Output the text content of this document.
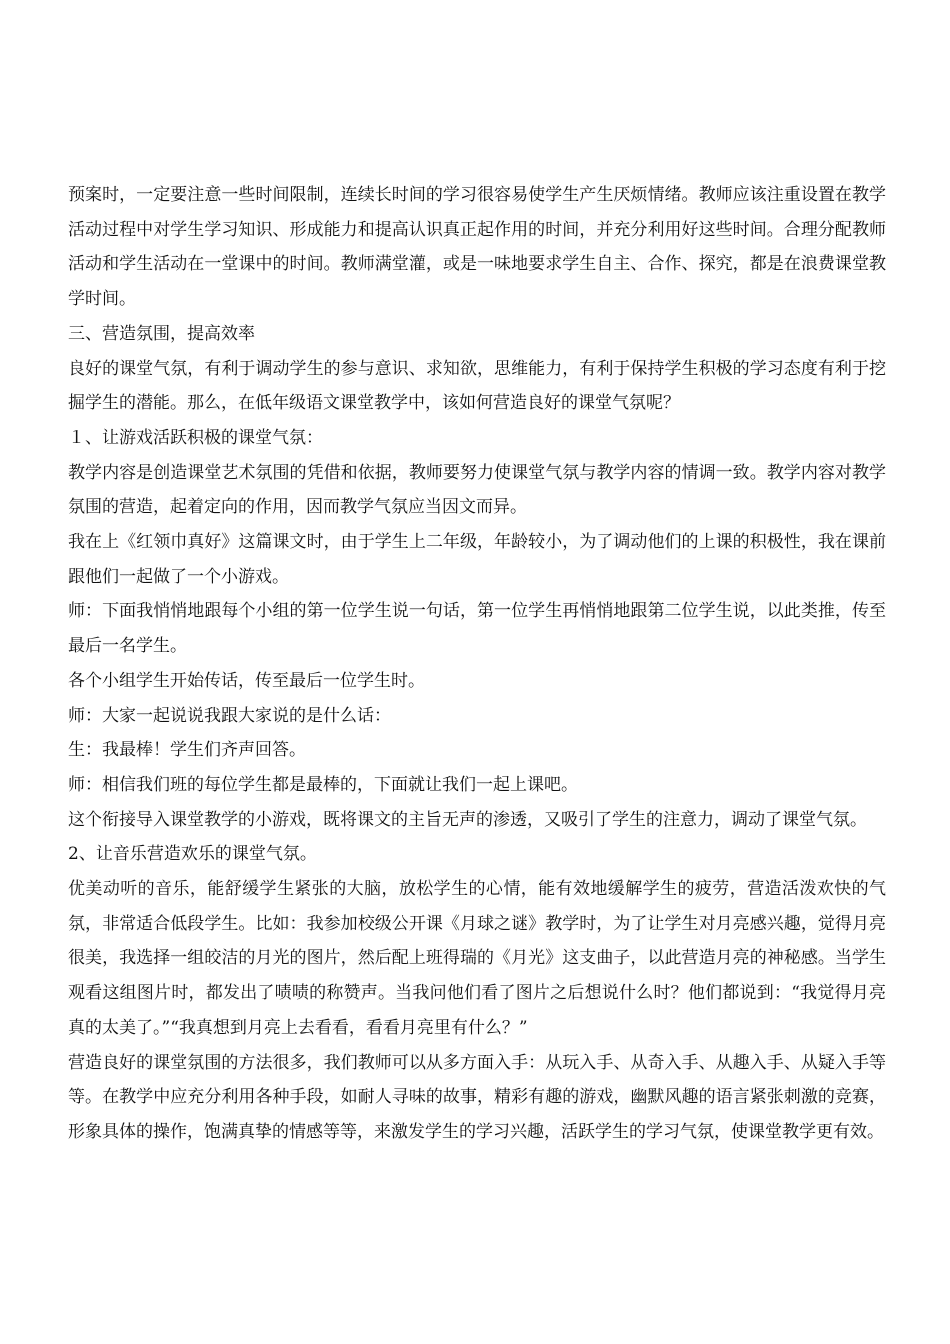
预案时，一定要注意一些时间限制，连续长时间的学习很容易使学生产生厌烦情绪。教师应该注重设置在教学活动过程中对学生学习知识、形成能力和提高认识真正起作用的时间，并充分利用好这些时间。合理分配教师活动和学生活动在一堂课中的时间。教师满堂灌，或是一味地要求学生自主、合作、探究，都是在浪费课堂教学时间。

三、营造氛围，提高效率

良好的课堂气氛，有利于调动学生的参与意识、求知欲，思维能力，有利于保持学生积极的学习态度有利于挖掘学生的潜能。那么，在低年级语文课堂教学中，该如何营造良好的课堂气氛呢？

１、让游戏活跃积极的课堂气氛：

教学内容是创造课堂艺术氛围的凭借和依据，教师要努力使课堂气氛与教学内容的情调一致。教学内容对教学氛围的营造，起着定向的作用，因而教学气氛应当因文而异。

我在上《红领巾真好》这篇课文时，由于学生上二年级，年龄较小，为了调动他们的上课的积极性，我在课前跟他们一起做了一个小游戏。

师：下面我悄悄地跟每个小组的第一位学生说一句话，第一位学生再悄悄地跟第二位学生说，以此类推，传至最后一名学生。

各个小组学生开始传话，传至最后一位学生时。

师：大家一起说说我跟大家说的是什么话：

生：我最棒！学生们齐声回答。

师：相信我们班的每位学生都是最棒的，下面就让我们一起上课吧。

这个衔接导入课堂教学的小游戏，既将课文的主旨无声的渗透，又吸引了学生的注意力，调动了课堂气氛。

2、让音乐营造欢乐的课堂气氛。

优美动听的音乐，能舒缓学生紧张的大脑，放松学生的心情，能有效地缓解学生的疲劳，营造活泼欢快的气氛，非常适合低段学生。比如：我参加校级公开课《月球之谜》教学时，为了让学生对月亮感兴趣，觉得月亮很美，我选择一组皎洁的月光的图片，然后配上班得瑞的《月光》这支曲子，以此营造月亮的神秘感。当学生观看这组图片时，都发出了啧啧的称赞声。当我问他们看了图片之后想说什么时？他们都说到：“我觉得月亮真的太美了。”“我真想到月亮上去看看，看看月亮里有什么？”

营造良好的课堂氛围的方法很多，我们教师可以从多方面入手：从玩入手、从奇入手、从趣入手、从疑入手等等。在教学中应充分利用各种手段，如耐人寻味的故事，精彩有趣的游戏，幽默风趣的语言紧张刺激的竞赛，形象具体的操作，饱满真挚的情感等等，来激发学生的学习兴趣，活跃学生的学习气氛，使课堂教学更有效。
